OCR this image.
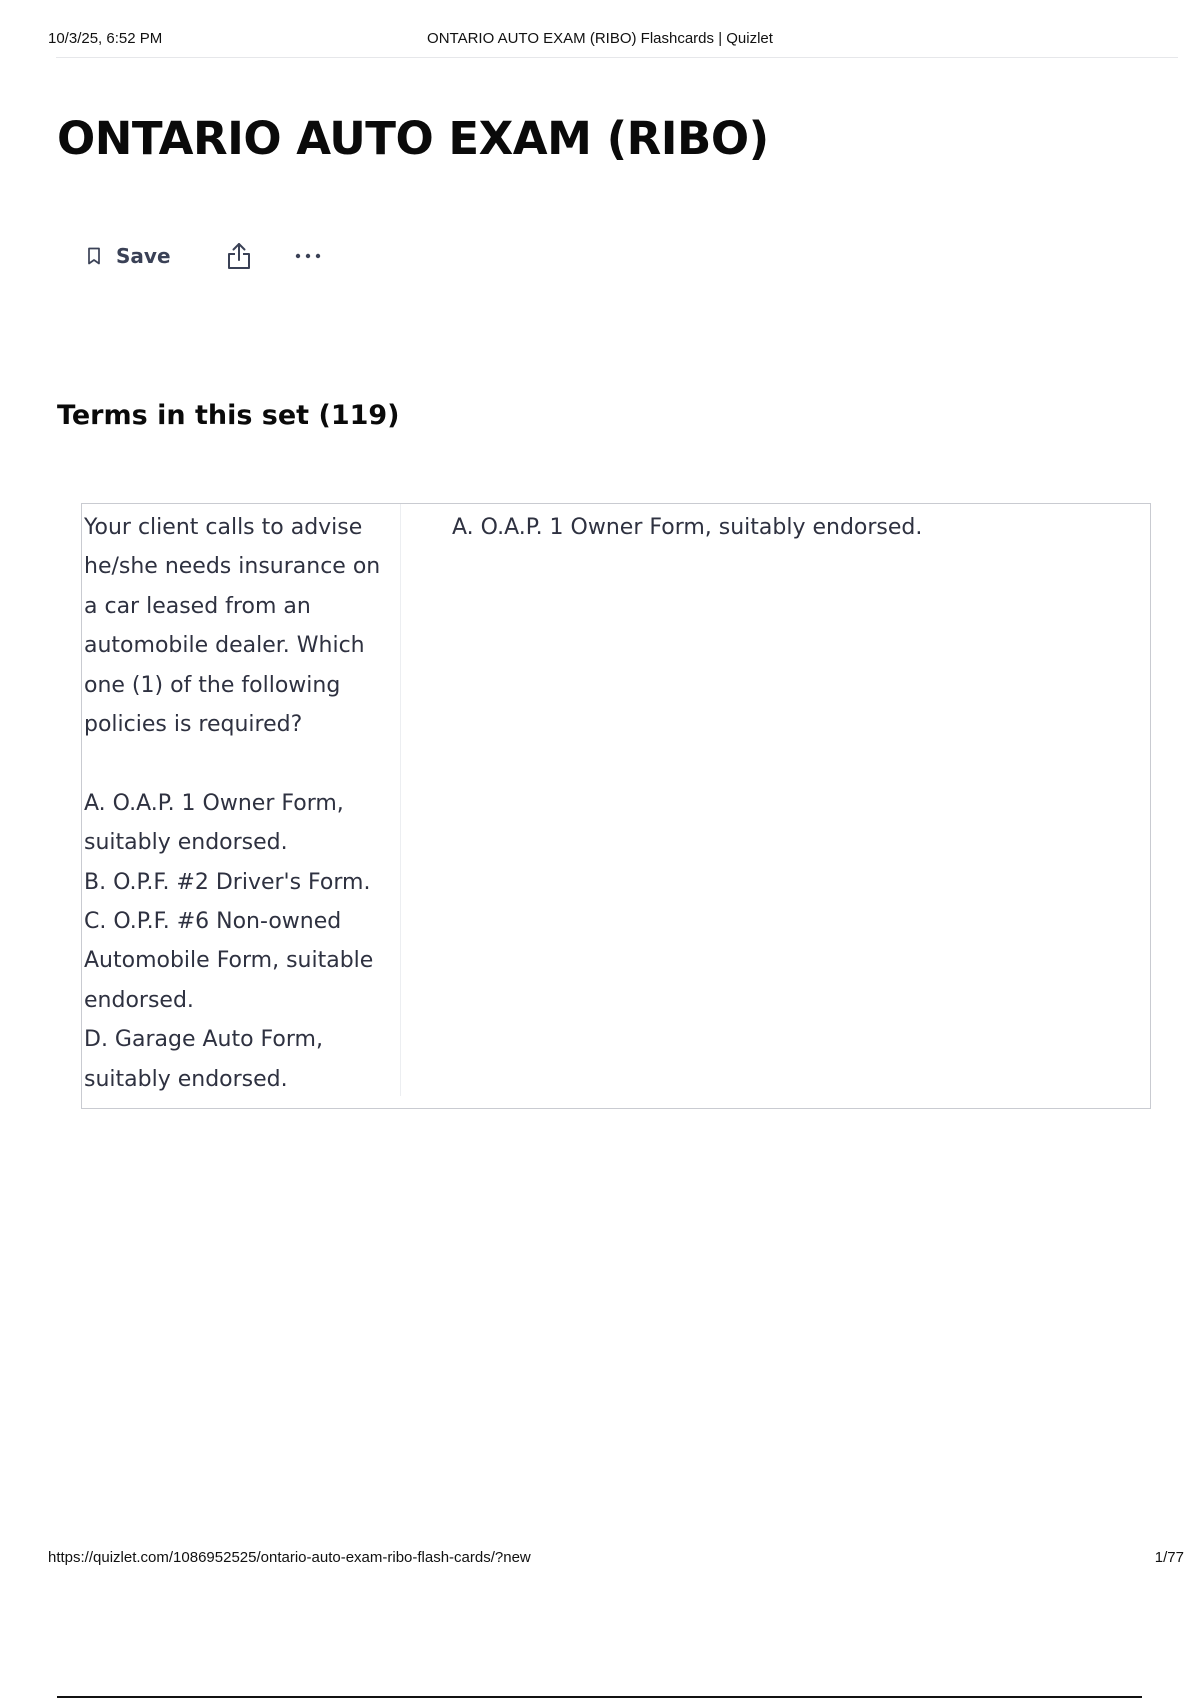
10/3/25, 6:52 PM	ONTARIO AUTO EXAM (RIBO) Flashcards | Quizlet
ONTARIO AUTO EXAM (RIBO)
Save
Terms in this set (119)
Your client calls to advise he/she needs insurance on a car leased from an automobile dealer. Which one (1) of the following policies is required?

A. O.A.P. 1 Owner Form, suitably endorsed.
B. O.P.F. #2 Driver's Form.
C. O.P.F. #6 Non-owned Automobile Form, suitable endorsed.
D. Garage Auto Form, suitably endorsed.
A. O.A.P. 1 Owner Form, suitably endorsed.
https://quizlet.com/1086952525/ontario-auto-exam-ribo-flash-cards/?new	1/77
